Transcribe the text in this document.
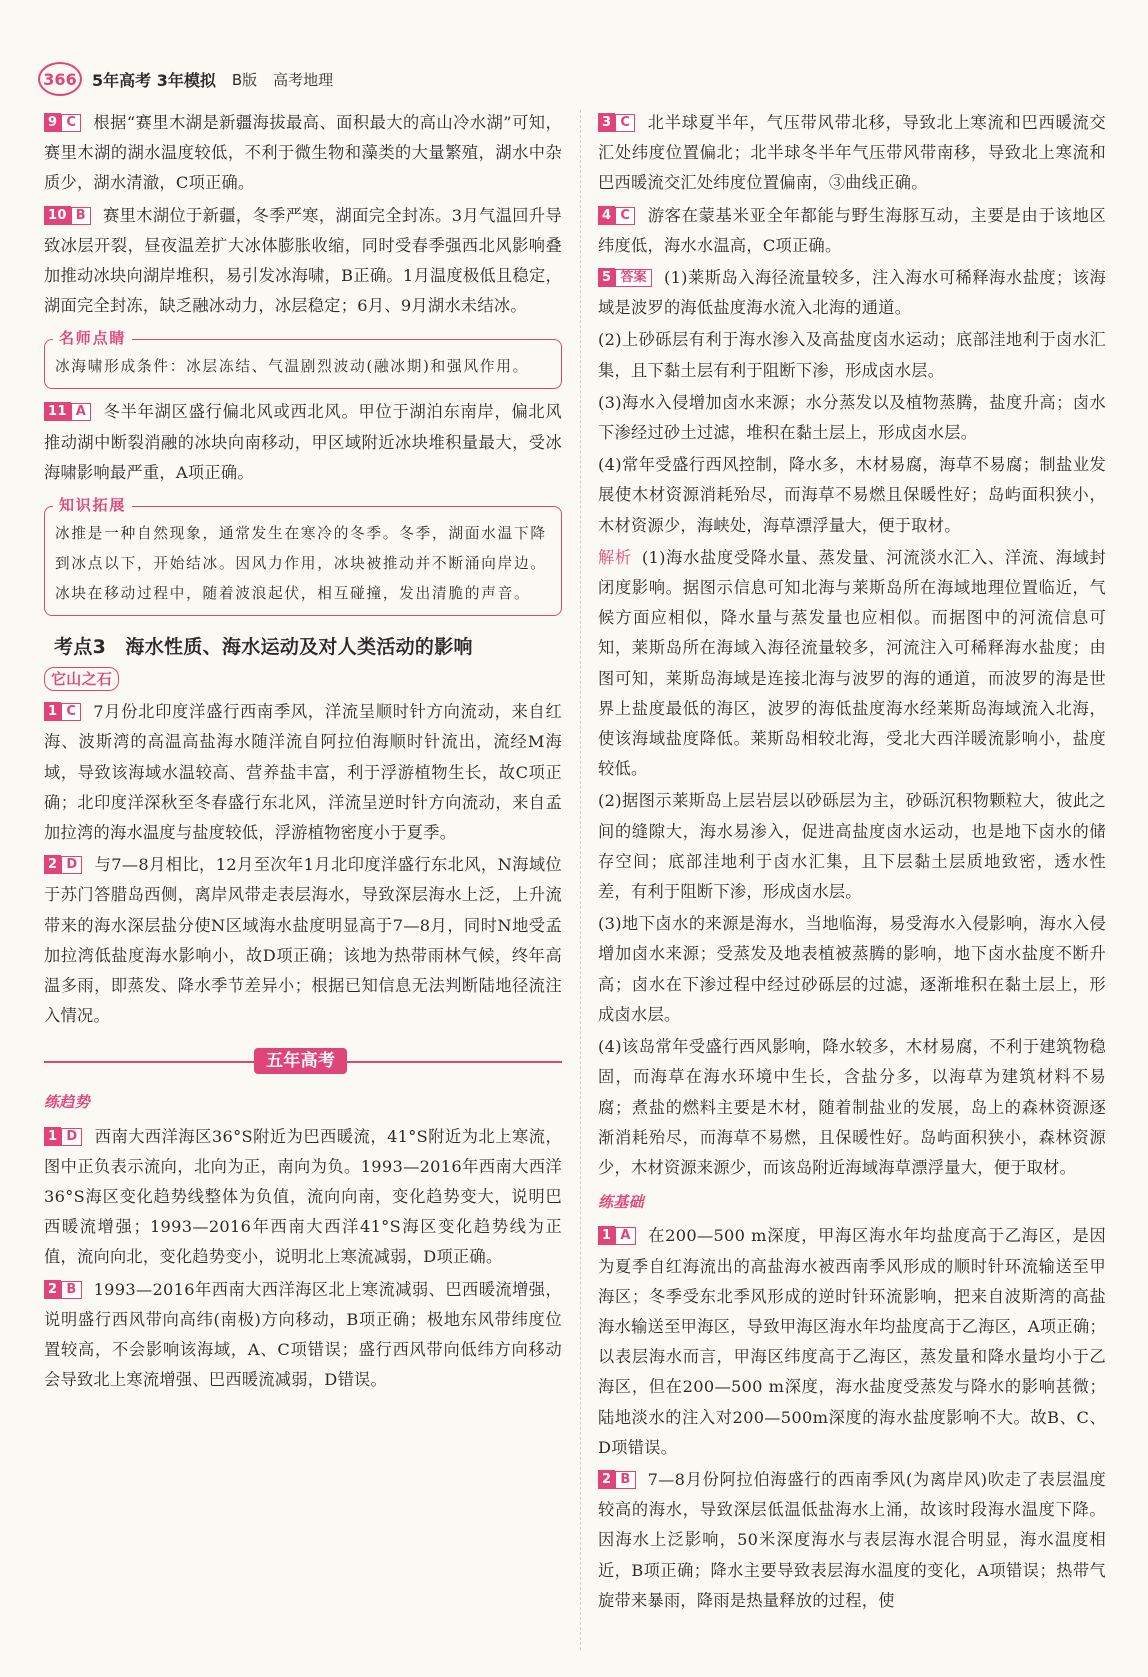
366 5年高考 3年模拟 B版 高考地理

9 C 根据“赛里木湖是新疆海拔最高、面积最大的高山冷水湖”可知，赛里木湖的湖水温度较低，不利于微生物和藻类的大量繁殖，湖水中杂质少，湖水清澈，C项正确。

10 B 赛里木湖位于新疆，冬季严寒，湖面完全封冻。3月气温回升导致冰层开裂，昼夜温差扩大冰体膨胀收缩，同时受春季强西北风影响叠加推动冰块向湖岸堆积，易引发冰海啸，B正确。1月温度极低且稳定，湖面完全封冻，缺乏融冰动力，冰层稳定；6月、9月湖水未结冰。

名师点睛
冰海啸形成条件：冰层冻结、气温剧烈波动(融冰期)和强风作用。

11 A 冬半年湖区盛行偏北风或西北风。甲位于湖泊东南岸，偏北风推动湖中断裂消融的冰块向南移动，甲区域附近冰块堆积量最大，受冰海啸影响最严重，A项正确。

知识拓展
冰推是一种自然现象，通常发生在寒冷的冬季。冬季，湖面水温下降到冰点以下，开始结冰。因风力作用，冰块被推动并不断涌向岸边。冰块在移动过程中，随着波浪起伏，相互碰撞，发出清脆的声音。
考点3　海水性质、海水运动及对人类活动的影响
它山之石

1 C 7月份北印度洋盛行西南季风，洋流呈顺时针方向流动，来自红海、波斯湾的高温高盐海水随洋流自阿拉伯海顺时针流出，流经M海域，导致该海域水温较高、营养盐丰富，利于浮游植物生长，故C项正确；北印度洋深秋至冬春盛行东北风，洋流呈逆时针方向流动，来自孟加拉湾的海水温度与盐度较低，浮游植物密度小于夏季。

2 D 与7—8月相比，12月至次年1月北印度洋盛行东北风，N海域位于苏门答腊岛西侧，离岸风带走表层海水，导致深层海水上泛，上升流带来的海水深层盐分使N区域海水盐度明显高于7—8月，同时N地受孟加拉湾低盐度海水影响小，故D项正确；该地为热带雨林气候，终年高温多雨，即蒸发、降水季节差异小；根据已知信息无法判断陆地径流注入情况。

五年高考
练趋势

1 D 西南大西洋海区36°S附近为巴西暖流，41°S附近为北上寒流，图中正负表示流向，北向为正，南向为负。1993—2016年西南大西洋36°S海区变化趋势线整体为负值，流向向南，变化趋势变大，说明巴西暖流增强；1993—2016年西南大西洋41°S海区变化趋势线为正值，流向向北，变化趋势变小，说明北上寒流减弱，D项正确。

2 B 1993—2016年西南大西洋海区北上寒流减弱、巴西暖流增强，说明盛行西风带向高纬(南极)方向移动，B项正确；极地东风带纬度位置较高，不会影响该海域，A、C项错误；盛行西风带向低纬方向移动会导致北上寒流增强、巴西暖流减弱，D错误。

3 C 北半球夏半年，气压带风带北移，导致北上寒流和巴西暖流交汇处纬度位置偏北；北半球冬半年气压带风带南移，导致北上寒流和巴西暖流交汇处纬度位置偏南，③曲线正确。

4 C 游客在蒙基米亚全年都能与野生海豚互动，主要是由于该地区纬度低，海水水温高，C项正确。

5 答案 (1)莱斯岛入海径流量较多，注入海水可稀释海水盐度；该海域是波罗的海低盐度海水流入北海的通道。

(2)上砂砾层有利于海水渗入及高盐度卤水运动；底部洼地利于卤水汇集，且下黏土层有利于阻断下渗，形成卤水层。

(3)海水入侵增加卤水来源；水分蒸发以及植物蒸腾，盐度升高；卤水下渗经过砂土过滤，堆积在黏土层上，形成卤水层。

(4)常年受盛行西风控制，降水多，木材易腐，海草不易腐；制盐业发展使木材资源消耗殆尽，而海草不易燃且保暖性好；岛屿面积狭小，木材资源少，海峡处，海草漂浮量大，便于取材。

解析 (1)海水盐度受降水量、蒸发量、河流淡水汇入、洋流、海域封闭度影响。据图示信息可知北海与莱斯岛所在海域地理位置临近，气候方面应相似，降水量与蒸发量也应相似。而据图中的河流信息可知，莱斯岛所在海域入海径流量较多，河流注入可稀释海水盐度；由图可知，莱斯岛海域是连接北海与波罗的海的通道，而波罗的海是世界上盐度最低的海区，波罗的海低盐度海水经莱斯岛海域流入北海，使该海域盐度降低。莱斯岛相较北海，受北大西洋暖流影响小，盐度较低。

(2)据图示莱斯岛上层岩层以砂砾层为主，砂砾沉积物颗粒大，彼此之间的缝隙大，海水易渗入，促进高盐度卤水运动，也是地下卤水的储存空间；底部洼地利于卤水汇集，且下层黏土层质地致密，透水性差，有利于阻断下渗，形成卤水层。

(3)地下卤水的来源是海水，当地临海，易受海水入侵影响，海水入侵增加卤水来源；受蒸发及地表植被蒸腾的影响，地下卤水盐度不断升高；卤水在下渗过程中经过砂砾层的过滤，逐渐堆积在黏土层上，形成卤水层。

(4)该岛常年受盛行西风影响，降水较多，木材易腐，不利于建筑物稳固，而海草在海水环境中生长，含盐分多，以海草为建筑材料不易腐；煮盐的燃料主要是木材，随着制盐业的发展，岛上的森林资源逐渐消耗殆尽，而海草不易燃，且保暖性好。岛屿面积狭小，森林资源少，木材资源来源少，而该岛附近海域海草漂浮量大，便于取材。

练基础

1 A 在200—500 m深度，甲海区海水年均盐度高于乙海区，是因为夏季自红海流出的高盐海水被西南季风形成的顺时针环流输送至甲海区；冬季受东北季风形成的逆时针环流影响，把来自波斯湾的高盐海水输送至甲海区，导致甲海区海水年均盐度高于乙海区，A项正确；以表层海水而言，甲海区纬度高于乙海区，蒸发量和降水量均小于乙海区，但在200—500 m深度，海水盐度受蒸发与降水的影响甚微；陆地淡水的注入对200—500m深度的海水盐度影响不大。故B、C、D项错误。

2 B 7—8月份阿拉伯海盛行的西南季风(为离岸风)吹走了表层温度较高的海水，导致深层低温低盐海水上涌，故该时段海水温度下降。因海水上泛影响，50米深度海水与表层海水混合明显，海水温度相近，B项正确；降水主要导致表层海水温度的变化，A项错误；热带气旋带来暴雨，降雨是热量释放的过程，使
